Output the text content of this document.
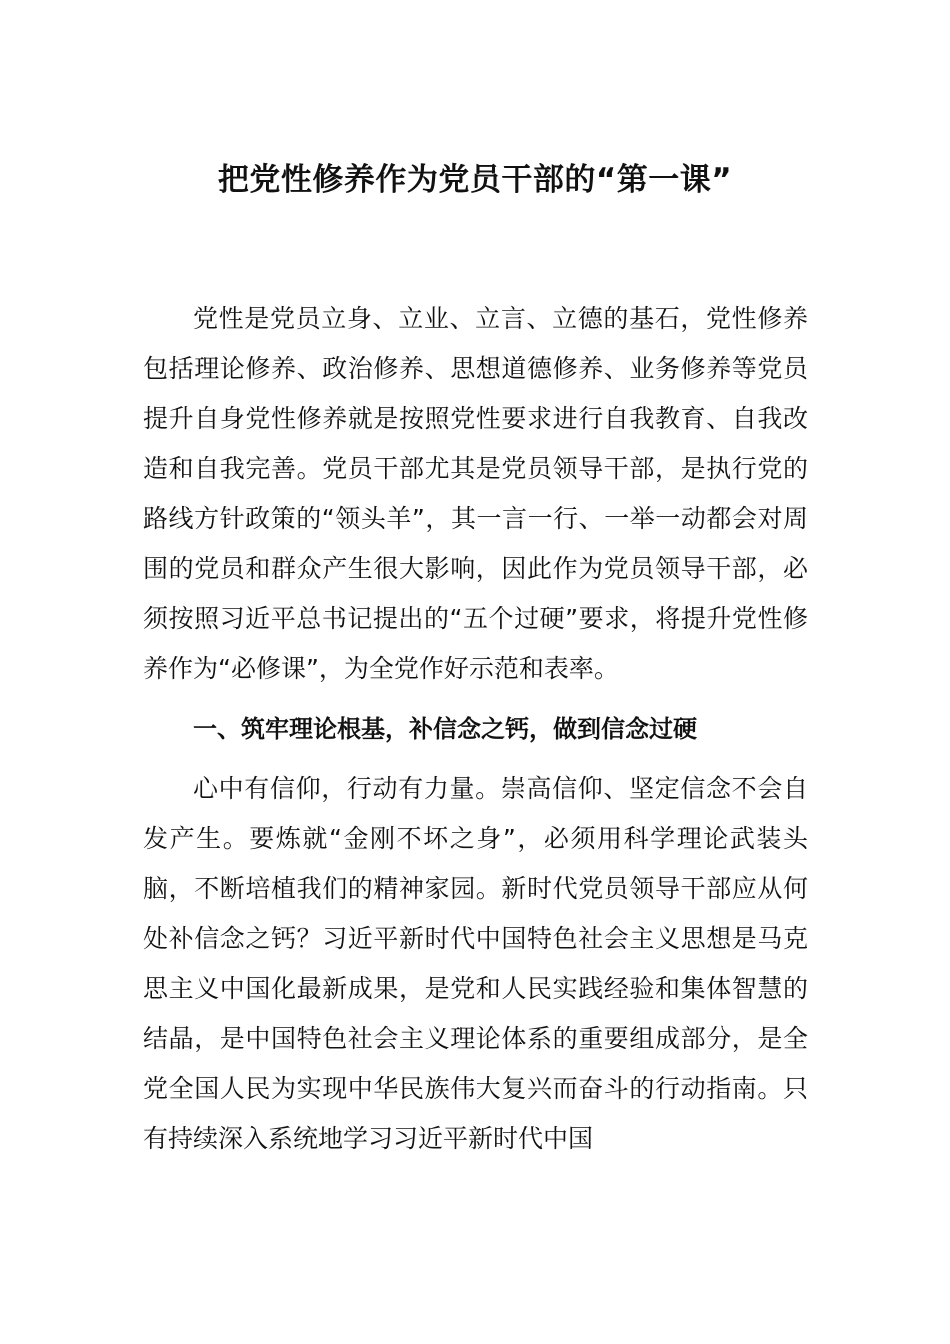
把党性修养作为党员干部的“第一课”

党性是党员立身、立业、立言、立德的基石，党性修养包括理论修养、政治修养、思想道德修养、业务修养等党员提升自身党性修养就是按照党性要求进行自我教育、自我改造和自我完善。党员干部尤其是党员领导干部，是执行党的路线方针政策的“领头羊”，其一言一行、一举一动都会对周围的党员和群众产生很大影响，因此作为党员领导干部，必须按照习近平总书记提出的“五个过硬”要求，将提升党性修养作为“必修课”，为全党作好示范和表率。

一、筑牢理论根基，补信念之钙，做到信念过硬

心中有信仰，行动有力量。崇高信仰、坚定信念不会自发产生。要炼就“金刚不坏之身”，必须用科学理论武装头脑，不断培植我们的精神家园。新时代党员领导干部应从何处补信念之钙？习近平新时代中国特色社会主义思想是马克思主义中国化最新成果，是党和人民实践经验和集体智慧的结晶，是中国特色社会主义理论体系的重要组成部分，是全党全国人民为实现中华民族伟大复兴而奋斗的行动指南。只有持续深入系统地学习习近平新时代中国
